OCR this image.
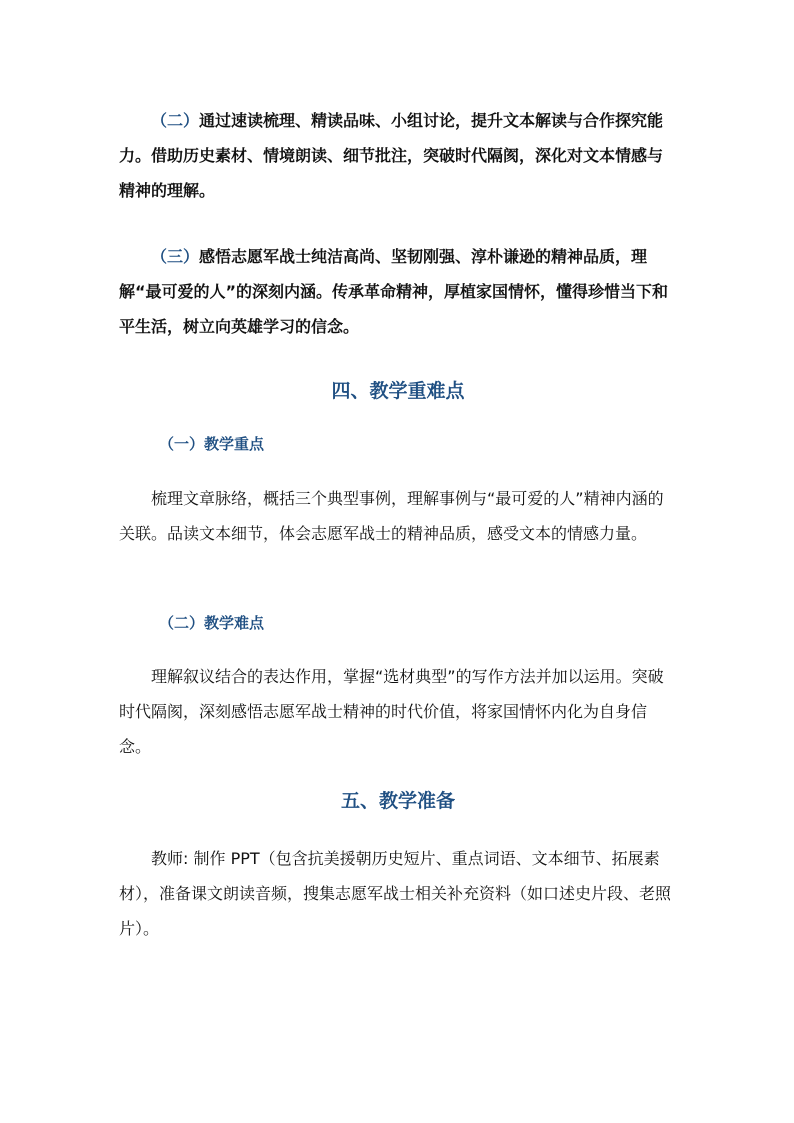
（二）通过速读梳理、精读品味、小组讨论，提升文本解读与合作探究能力。借助历史素材、情境朗读、细节批注，突破时代隔阂，深化对文本情感与精神的理解。

（三）感悟志愿军战士纯洁高尚、坚韧刚强、淳朴谦逊的精神品质，理解“最可爱的人”的深刻内涵。传承革命精神，厚植家国情怀，懂得珍惜当下和平生活，树立向英雄学习的信念。

四、教学重难点
（一）教学重点

梳理文章脉络，概括三个典型事例，理解事例与“最可爱的人”精神内涵的关联。品读文本细节，体会志愿军战士的精神品质，感受文本的情感力量。

（二）教学难点

理解叙议结合的表达作用，掌握“选材典型”的写作方法并加以运用。突破时代隔阂，深刻感悟志愿军战士精神的时代价值，将家国情怀内化为自身信念。

五、教学准备

教师: 制作 PPT（包含抗美援朝历史短片、重点词语、文本细节、拓展素材），准备课文朗读音频，搜集志愿军战士相关补充资料（如口述史片段、老照片）。
